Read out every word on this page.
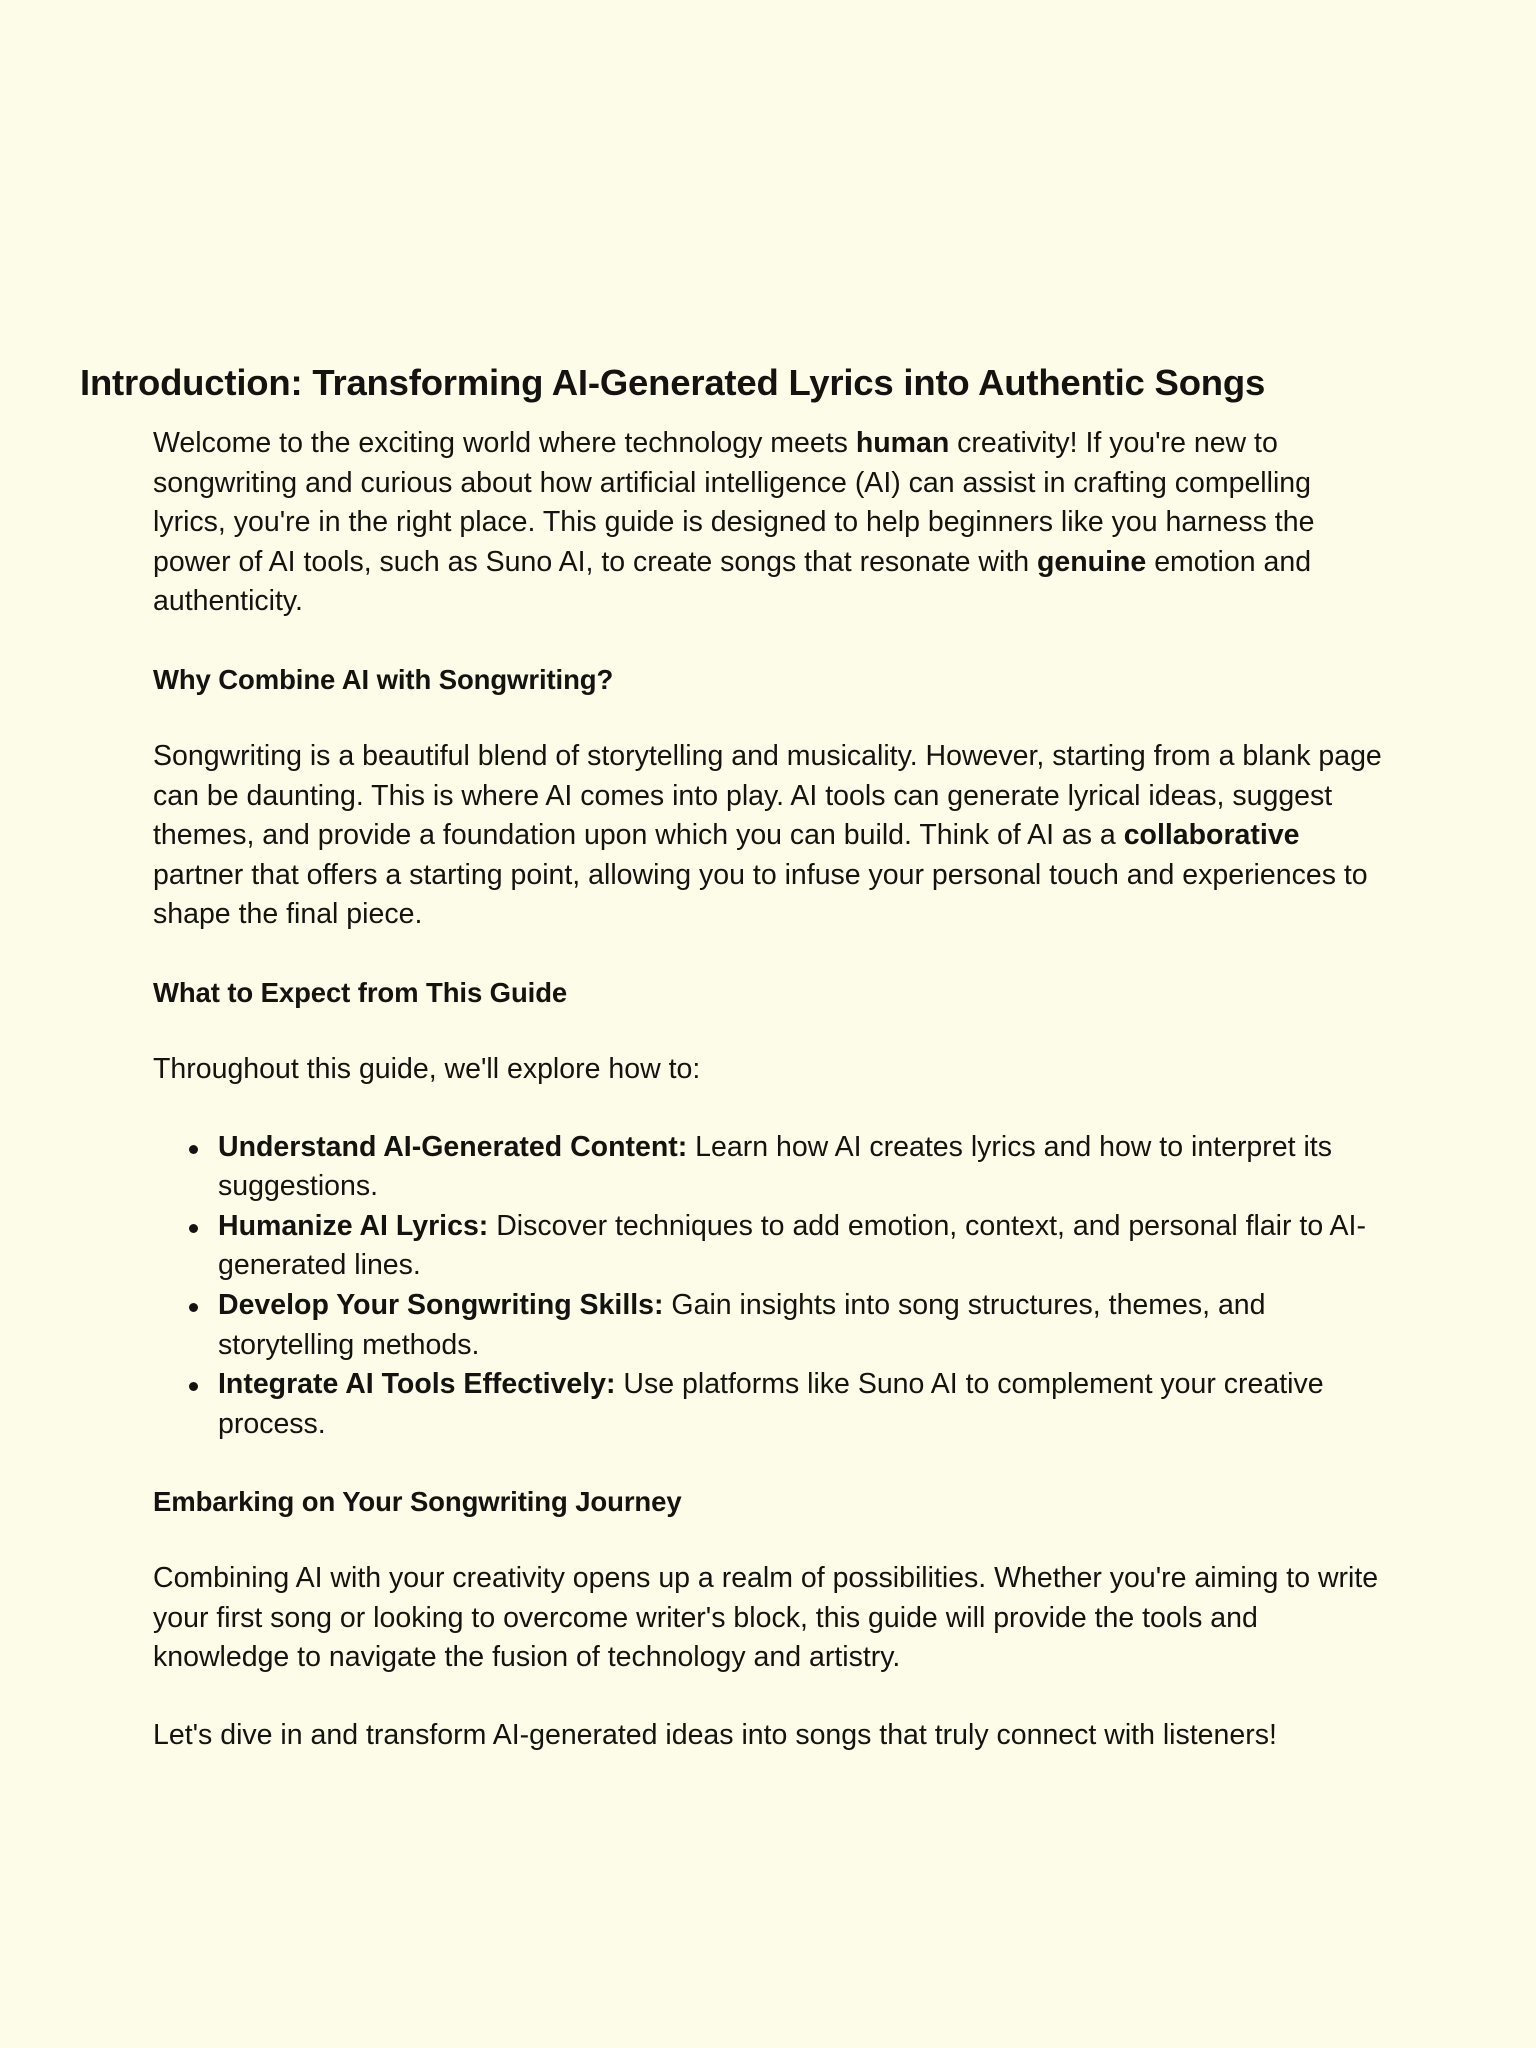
Introduction: Transforming AI-Generated Lyrics into Authentic Songs

Welcome to the exciting world where technology meets human creativity! If you're new to songwriting and curious about how artificial intelligence (AI) can assist in crafting compelling lyrics, you're in the right place. This guide is designed to help beginners like you harness the power of AI tools, such as Suno AI, to create songs that resonate with genuine emotion and authenticity.

Why Combine AI with Songwriting?

Songwriting is a beautiful blend of storytelling and musicality. However, starting from a blank page can be daunting. This is where AI comes into play. AI tools can generate lyrical ideas, suggest themes, and provide a foundation upon which you can build. Think of AI as a collaborative partner that offers a starting point, allowing you to infuse your personal touch and experiences to shape the final piece.

What to Expect from This Guide

Throughout this guide, we'll explore how to:

Understand AI-Generated Content: Learn how AI creates lyrics and how to interpret its suggestions.
Humanize AI Lyrics: Discover techniques to add emotion, context, and personal flair to AI-generated lines.
Develop Your Songwriting Skills: Gain insights into song structures, themes, and storytelling methods.
Integrate AI Tools Effectively: Use platforms like Suno AI to complement your creative process.
Embarking on Your Songwriting Journey

Combining AI with your creativity opens up a realm of possibilities. Whether you're aiming to write your first song or looking to overcome writer's block, this guide will provide the tools and knowledge to navigate the fusion of technology and artistry.

Let's dive in and transform AI-generated ideas into songs that truly connect with listeners!
